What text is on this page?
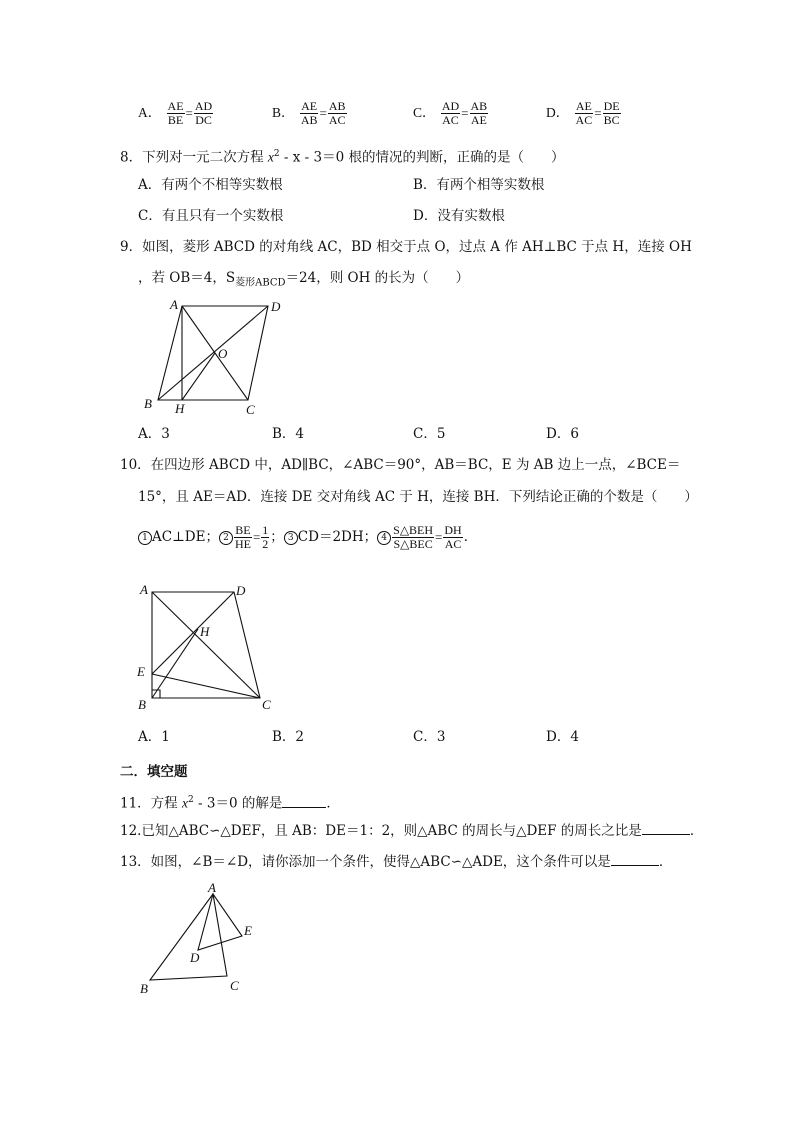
A． $\frac{AE}{BE} = \frac{AD}{DC}$	B． $\frac{AE}{AB} = \frac{AB}{AC}$	C． $\frac{AD}{AC} = \frac{AB}{AE}$	D． $\frac{AE}{AC} = \frac{DE}{BC}$
8．下列对一元二次方程 $x^2 - x - 3=0$ 根的情况的判断，正确的是（　　）
A．有两个不相等实数根	B．有两个相等实数根
C．有且只有一个实数根	D．没有实数根
9．如图，菱形 ABCD 的对角线 AC，BD 相交于点 O，过点 A 作 AH⊥BC 于点 H，连接 OH
，若 OB＝4，$S_{菱形ABCD}=24$，则 OH 的长为（　　）
A	D
O
B H	C
A．3	B．4	C．5	D．6
10．在四边形 ABCD 中，AD∥BC，∠ABC＝90°，AB＝BC，E 为 AB 边上一点，∠BCE＝
15°，且 AE＝AD．连接 DE 交对角线 AC 于 H，连接 BH．下列结论正确的个数是（　　）
1 AC⊥DE； $2 \frac{BE}{HE} = \frac{1}{2}$ ； 3 CD＝2DH； $4 \frac{\text{S△BEH}}{\text{S△BEC}} = \frac{DH}{AC}$ ．
A	D
H
E
B	C
A．1	B．2	C．3	D．4
二．填空题
11．方程 $x^2 - 3=0$ 的解是	．
12.已知△ABC∽△DEF，且 AB：DE＝1：2，则△ABC 的周长与△DEF 的周长之比是	．
13．如图，∠B＝∠D，请你添加一个条件，使得△ABC∽△ADE，这个条件可以是	．
A
E
D
B	C
